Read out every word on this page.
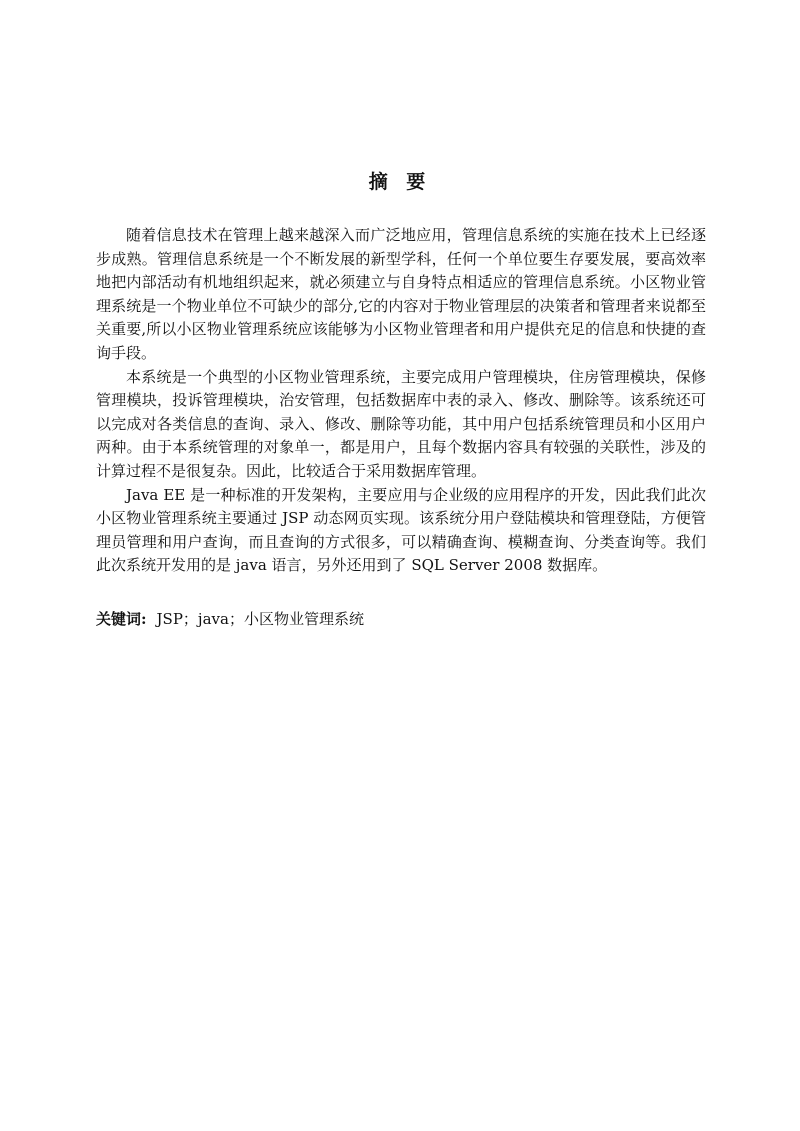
摘 要

随着信息技术在管理上越来越深入而广泛地应用，管理信息系统的实施在技术上已经逐步成熟。管理信息系统是一个不断发展的新型学科，任何一个单位要生存要发展，要高效率地把内部活动有机地组织起来，就必须建立与自身特点相适应的管理信息系统。小区物业管理系统是一个物业单位不可缺少的部分,它的内容对于物业管理层的决策者和管理者来说都至关重要,所以小区物业管理系统应该能够为小区物业管理者和用户提供充足的信息和快捷的查询手段。

本系统是一个典型的小区物业管理系统，主要完成用户管理模块，住房管理模块，保修管理模块，投诉管理模块，治安管理，包括数据库中表的录入、修改、删除等。该系统还可以完成对各类信息的查询、录入、修改、删除等功能，其中用户包括系统管理员和小区用户两种。由于本系统管理的对象单一，都是用户，且每个数据内容具有较强的关联性，涉及的计算过程不是很复杂。因此，比较适合于采用数据库管理。

Java EE 是一种标准的开发架构，主要应用与企业级的应用程序的开发，因此我们此次小区物业管理系统主要通过 JSP 动态网页实现。该系统分用户登陆模块和管理登陆，方便管理员管理和用户查询，而且查询的方式很多，可以精确查询、模糊查询、分类查询等。我们此次系统开发用的是 java 语言，另外还用到了 SQL Server 2008 数据库。

关键词: JSP；java；小区物业管理系统
